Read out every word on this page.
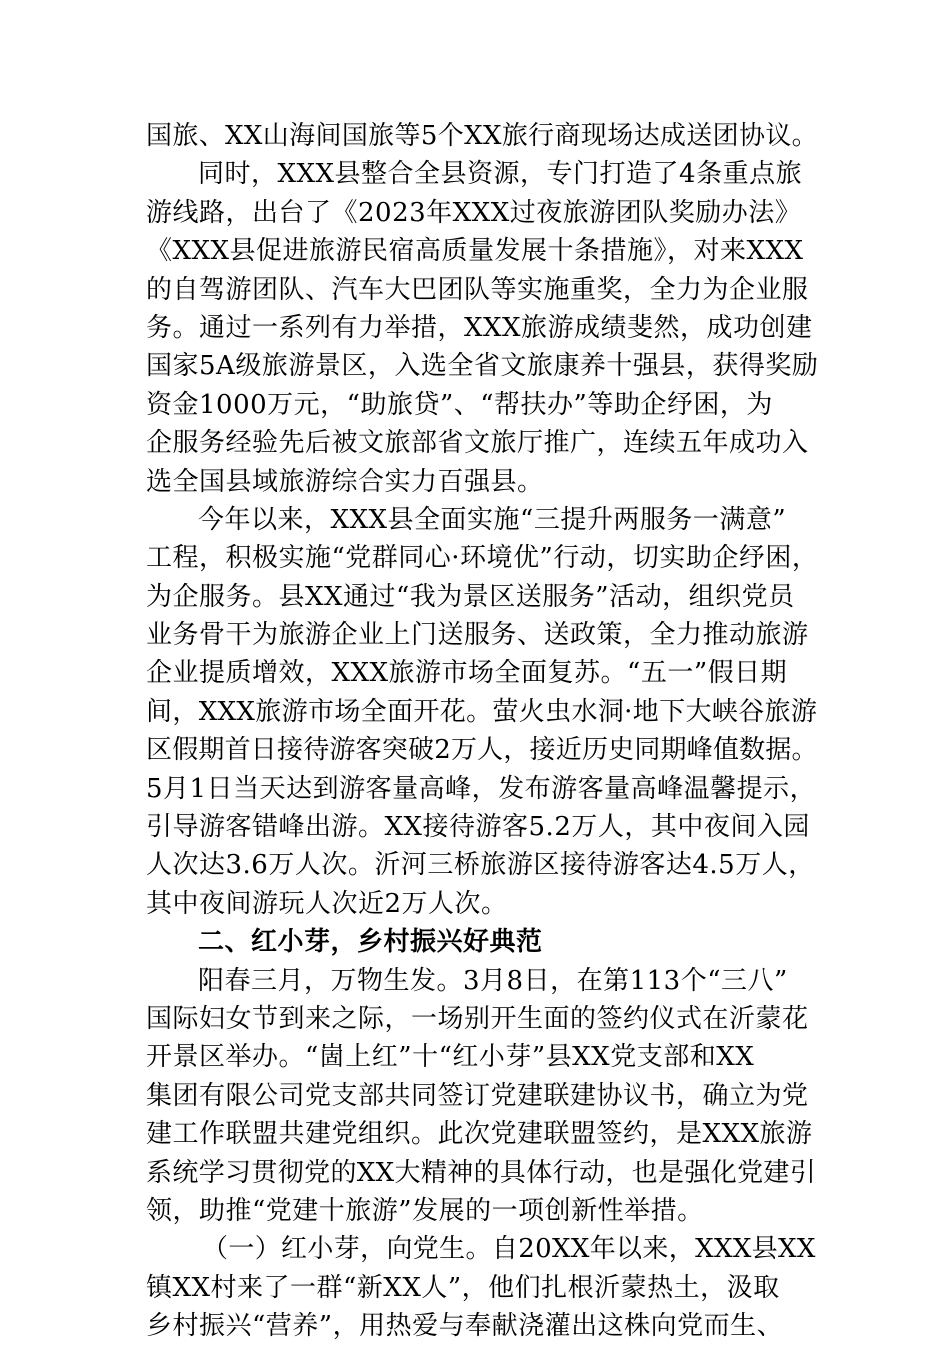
国旅、XX山海间国旅等5个XX旅行商现场达成送团协议。
同时，XXX县整合全县资源，专门打造了4条重点旅
游线路，出台了《2023年XXX过夜旅游团队奖励办法》
《XXX县促进旅游民宿高质量发展十条措施》，对来XXX
的自驾游团队、汽车大巴团队等实施重奖，全力为企业服
务。通过一系列有力举措，XXX旅游成绩斐然，成功创建
国家5A级旅游景区，入选全省文旅康养十强县，获得奖励
资金1000万元，“助旅贷”、“帮扶办”等助企纾困，为
企服务经验先后被文旅部省文旅厅推广，连续五年成功入
选全国县域旅游综合实力百强县。
今年以来，XXX县全面实施“三提升两服务一满意”
工程，积极实施“党群同心·环境优”行动，切实助企纾困，
为企服务。县XX通过“我为景区送服务”活动，组织党员
业务骨干为旅游企业上门送服务、送政策，全力推动旅游
企业提质增效，XXX旅游市场全面复苏。“五一”假日期
间，XXX旅游市场全面开花。萤火虫水洞·地下大峡谷旅游
区假期首日接待游客突破2万人，接近历史同期峰值数据。
5月1日当天达到游客量高峰，发布游客量高峰温馨提示，
引导游客错峰出游。XX接待游客5.2万人，其中夜间入园
人次达3.6万人次。沂河三桥旅游区接待游客达4.5万人，
其中夜间游玩人次近2万人次。
二、红小芽，乡村振兴好典范
阳春三月，万物生发。3月8日，在第113个“三八”
国际妇女节到来之际，一场别开生面的签约仪式在沂蒙花
开景区举办。“崮上红”十“红小芽”县XX党支部和XX
集团有限公司党支部共同签订党建联建协议书，确立为党
建工作联盟共建党组织。此次党建联盟签约，是XXX旅游
系统学习贯彻党的XX大精神的具体行动，也是强化党建引
领，助推“党建十旅游”发展的一项创新性举措。
（一）红小芽，向党生。自20XX年以来，XXX县XX
镇XX村来了一群“新XX人”，他们扎根沂蒙热土，汲取
乡村振兴“营养”，用热爱与奉献浇灌出这株向党而生、
